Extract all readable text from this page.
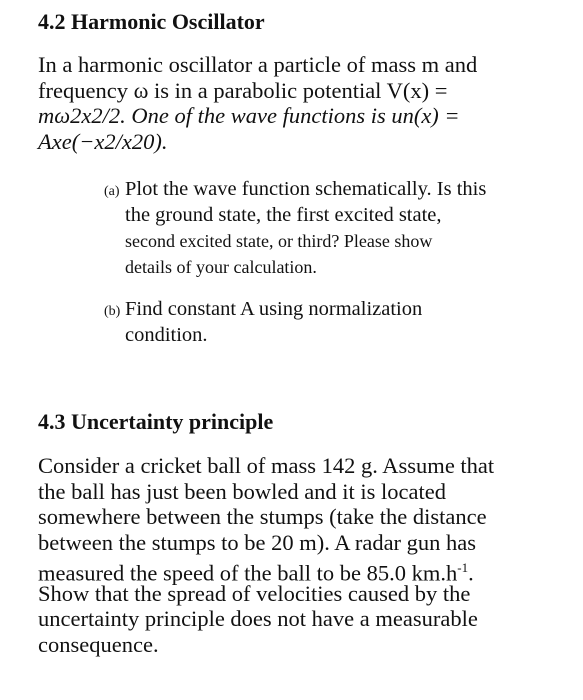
4.2 Harmonic Oscillator
In a harmonic oscillator a particle of mass m and
frequency ω is in a parabolic potential V(x) =
mω2x2/2. One of the wave functions is un(x) =
Axe(−x2/x20).
(a) Plot the wave function schematically. Is this
the ground state, the first excited state,
second excited state, or third? Please show
details of your calculation.
(b) Find constant A using normalization
condition.
4.3 Uncertainty principle
Consider a cricket ball of mass 142 g. Assume that
the ball has just been bowled and it is located
somewhere between the stumps (take the distance
between the stumps to be 20 m). A radar gun has
measured the speed of the ball to be 85.0 $km.h^{-1}$.
Show that the spread of velocities caused by the
uncertainty principle does not have a measurable
consequence.
